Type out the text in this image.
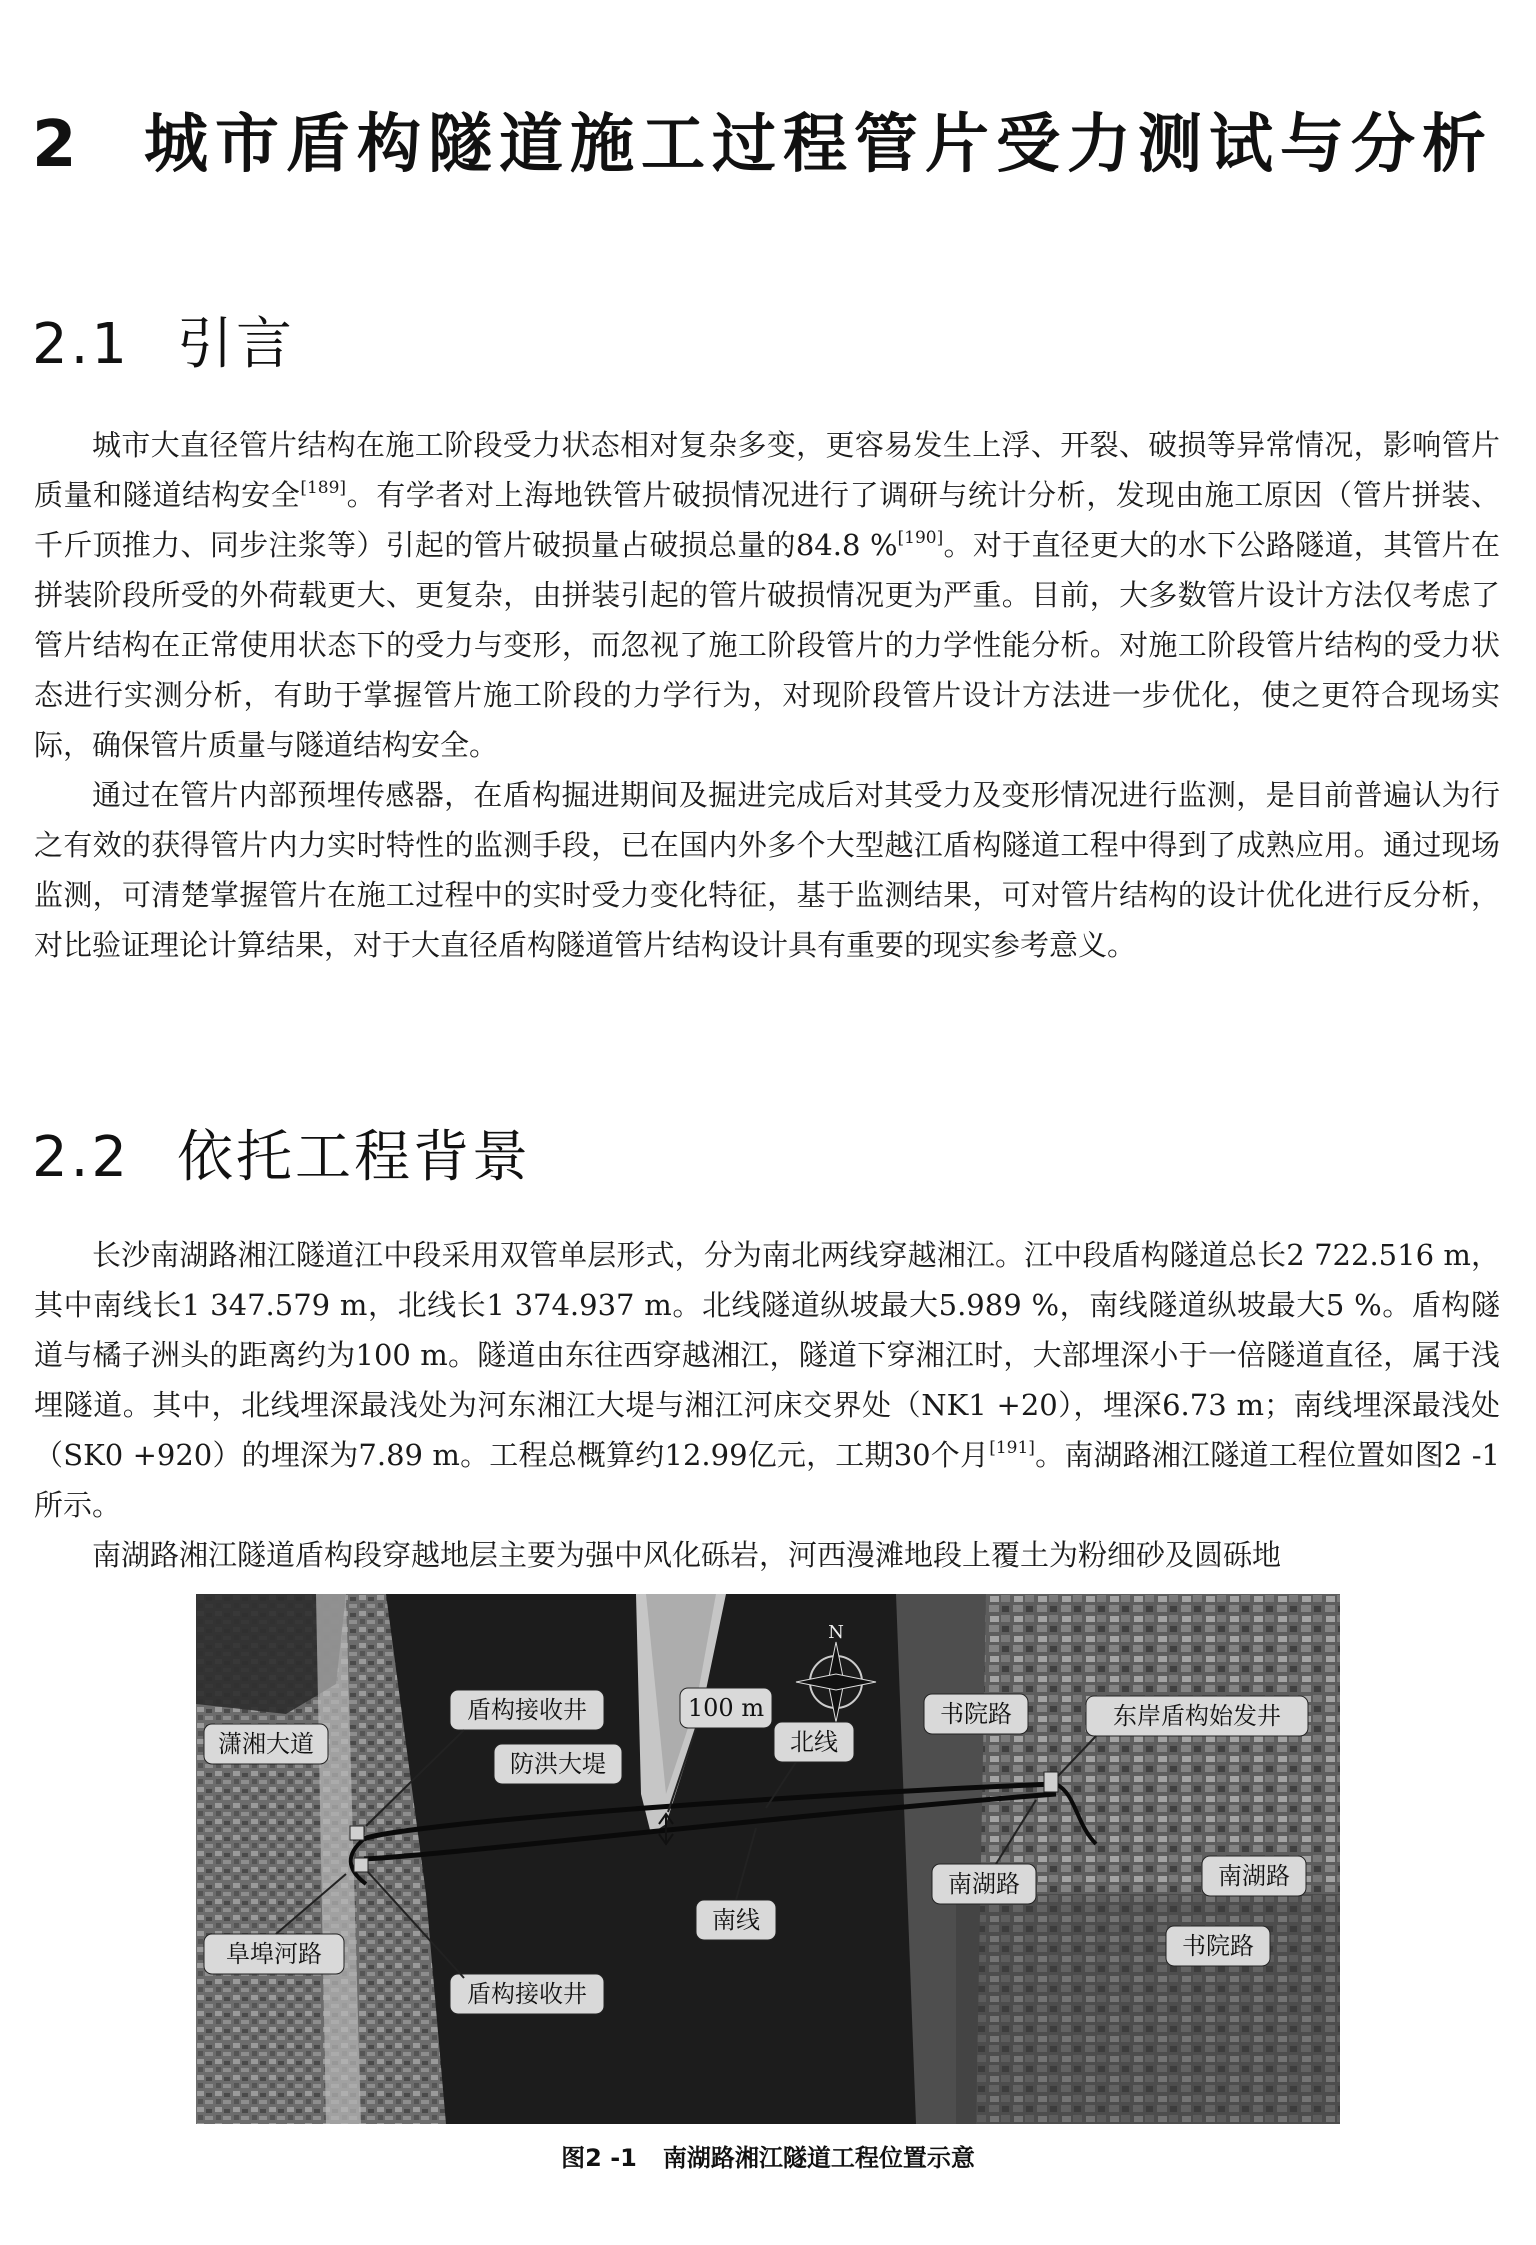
2 城市盾构隧道施工过程管片受力测试与分析
2.1 引言

城市大直径管片结构在施工阶段受力状态相对复杂多变，更容易发生上浮、开裂、破损等异常情况，影响管片质量和隧道结构安全[189]。有学者对上海地铁管片破损情况进行了调研与统计分析，发现由施工原因（管片拼装、千斤顶推力、同步注浆等）引起的管片破损量占破损总量的84.8 %[190]。对于直径更大的水下公路隧道，其管片在拼装阶段所受的外荷载更大、更复杂，由拼装引起的管片破损情况更为严重。目前，大多数管片设计方法仅考虑了管片结构在正常使用状态下的受力与变形，而忽视了施工阶段管片的力学性能分析。对施工阶段管片结构的受力状态进行实测分析，有助于掌握管片施工阶段的力学行为，对现阶段管片设计方法进一步优化，使之更符合现场实际，确保管片质量与隧道结构安全。

通过在管片内部预埋传感器，在盾构掘进期间及掘进完成后对其受力及变形情况进行监测，是目前普遍认为行之有效的获得管片内力实时特性的监测手段，已在国内外多个大型越江盾构隧道工程中得到了成熟应用。通过现场监测，可清楚掌握管片在施工过程中的实时受力变化特征，基于监测结果，可对管片结构的设计优化进行反分析，对比验证理论计算结果，对于大直径盾构隧道管片结构设计具有重要的现实参考意义。

2.2 依托工程背景

长沙南湖路湘江隧道江中段采用双管单层形式，分为南北两线穿越湘江。江中段盾构隧道总长2 722.516 m，其中南线长1 347.579 m，北线长1 374.937 m。北线隧道纵坡最大5.989 %，南线隧道纵坡最大5 %。盾构隧道与橘子洲头的距离约为100 m。隧道由东往西穿越湘江，隧道下穿湘江时，大部埋深小于一倍隧道直径，属于浅埋隧道。其中，北线埋深最浅处为河东湘江大堤与湘江河床交界处（NK1 +20），埋深6.73 m；南线埋深最浅处（SK0 +920）的埋深为7.89 m。工程总概算约12.99亿元，工期30个月[191]。南湖路湘江隧道工程位置如图2 -1所示。

南湖路湘江隧道盾构段穿越地层主要为强中风化砾岩，河西漫滩地段上覆土为粉细砂及圆砾地

N
潇湘大道
盾构接收井
防洪大堤
100 m
北线
南线
阜埠河路
盾构接收井
书院路	东岸盾构始发井
南湖路	南湖路
书院路
图2 -1 南湖路湘江隧道工程位置示意
